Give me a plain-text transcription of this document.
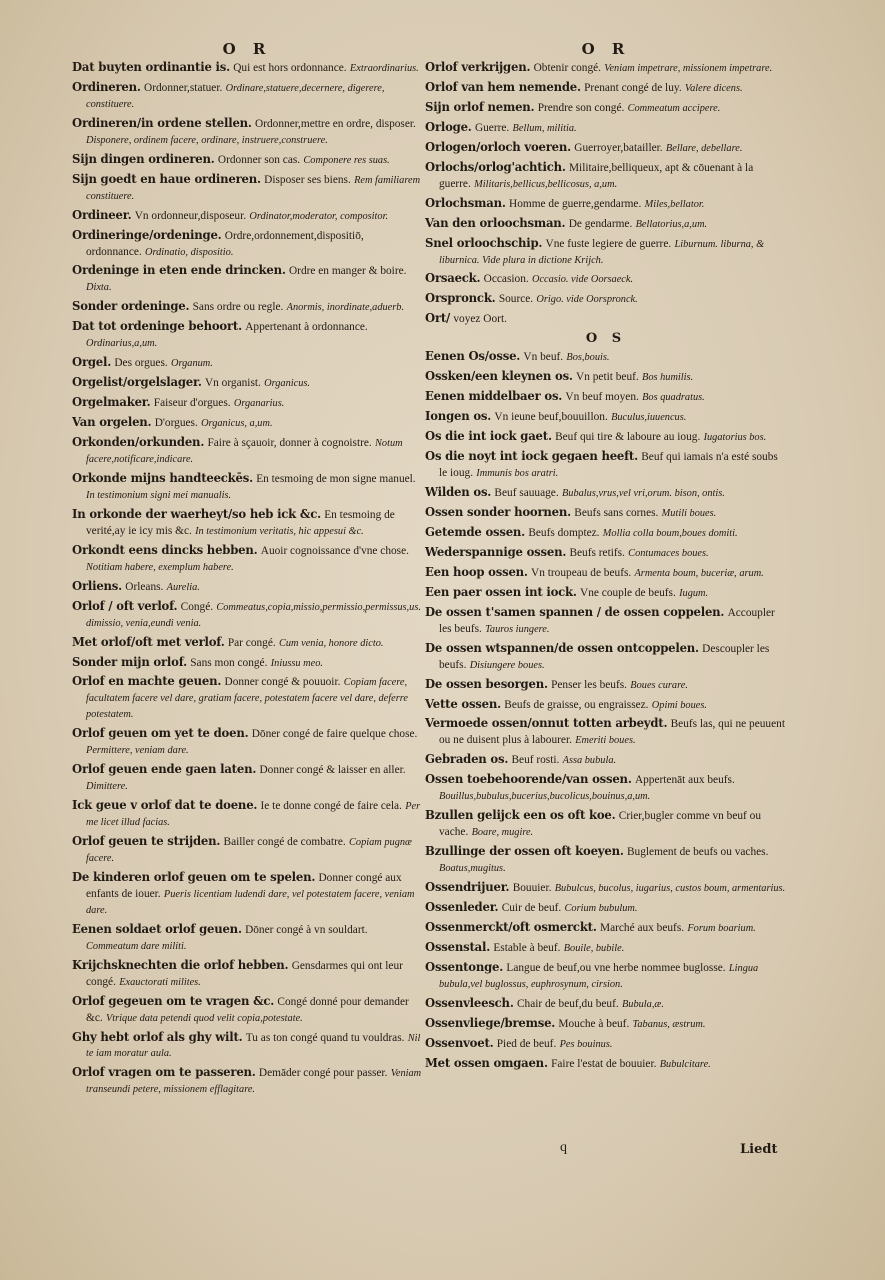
O R
Dat buyten ordinantie is. Qui est hors ordonnance. Extraordinarius.
Ordineren. Ordonner,statuer. Ordinare,statuere,decernere, digerere, constituere.
Ordineren/in ordene stellen. Ordonner,mettre en ordre, disposer. Disponere, ordinem facere, ordinare, instruere,construere.
Sijn dingen ordineren. Ordonner son cas. Componere res suas.
Sijn goedt en haue ordineren. Disposer ses biens. Rem familiarem constituere.
Ordineer. Vn ordonneur,disposeur. Ordinator,moderator, compositor.
Ordineringe/ordeninge. Ordre,ordonnement,dispositiō, ordonnance. Ordinatio, dispositio.
Ordeninge in eten ende drincken. Ordre en manger & boire. Dixta.
Sonder ordeninge. Sans ordre ou regle. Anormis, inordinate,aduerb.
Dat tot ordeninge behoort. Appertenant à ordonnance. Ordinarius,a,um.
Orgel. Des orgues. Organum.
Orgelist/orgelslager. Vn organist. Organicus.
Orgelmaker. Faiseur d'orgues. Organarius.
Van orgelen. D'orgues. Organicus, a,um.
Orkonden/orkunden. Faire à sçauoir, donner à cognoistre. Notum facere,notificare,indicare.
Orkonde mijns handteeckēs. En tesmoing de mon signe manuel. In testimonium signi mei manualis.
In orkonde der waerheyt/so heb ick &c. En tesmoing de verité,ay ie icy mis &c. In testimonium veritatis, hic appesui &c.
Orkondt eens dincks hebben. Auoir cognoissance d'vne chose. Notitiam habere, exemplum habere.
Orliens. Orleans. Aurelia.
Orlof / oft verlof. Congé. Commeatus,copia,missio,permissio,permissus,us. dimissio, venia,eundi venia.
Met orlof/oft met verlof. Par congé. Cum venia, honore dicto.
Sonder mijn orlof. Sans mon congé. Iniussu meo.
Orlof en machte geuen. Donner congé & pouuoir. Copiam facere, facultatem facere vel dare, gratiam facere, potestatem facere vel dare, deferre potestatem.
Orlof geuen om yet te doen. Dōner congé de faire quelque chose. Permittere, veniam dare.
Orlof geuen ende gaen laten. Donner congé & laisser en aller. Dimittere.
Ick geue v orlof dat te doene. Ie te donne congé de faire cela. Per me licet illud facias.
Orlof geuen te strijden. Bailler congé de combatre. Copiam pugnæ facere.
De kinderen orlof geuen om te spelen. Donner congé aux enfants de iouer. Pueris licentiam ludendi dare, vel potestatem facere, veniam dare.
Eenen soldaet orlof geuen. Dōner congé à vn souldart. Commeatum dare militi.
Krijchsknechten die orlof hebben. Gensdarmes qui ont leur congé. Exauctorati milites.
Orlof gegeuen om te vragen &c. Congé donné pour demander &c. Vtrique data petendi quod velit copia,potestate.
Ghy hebt orlof als ghy wilt. Tu as ton congé quand tu vouldras. Nil te iam moratur aula.
Orlof vragen om te passeren. Demāder congé pour passer. Veniam transeundi petere, missionem efflagitare.
O R
Orlof verkrijgen. Obtenir congé. Veniam impetrare, missionem impetrare.
Orlof van hem nemende. Prenant congé de luy. Valere dicens.
Sijn orlof nemen. Prendre son congé. Commeatum accipere.
Orloge. Guerre. Bellum, militia.
Orlogen/orloch voeren. Guerroyer,batailler. Bellare, debellare.
Orlochs/orlog'achtich. Militaire,belliqueux, apt & cōuenant à la guerre. Militaris,bellicus,bellicosus, a,um.
Orlochsman. Homme de guerre,gendarme. Miles,bellator.
Van den orloochsman. De gendarme. Bellatorius,a,um.
Snel orloochschip. Vne fuste legiere de guerre. Liburnum. liburna, & liburnica. Vide plura in dictione Krijch.
Orsaeck. Occasion. Occasio. vide Oorsaeck.
Orspronck. Source. Origo. vide Oorspronck.
Ort/ voyez Oort.
O S
Eenen Os/osse. Vn beuf. Bos,bouis.
Ossken/een kleynen os. Vn petit beuf. Bos humilis.
Eenen middelbaer os. Vn beuf moyen. Bos quadratus.
Iongen os. Vn ieune beuf,bouuillon. Buculus,iuuencus.
Os die int iock gaet. Beuf qui tire & laboure au ioug. Iugatorius bos.
Os die noyt int iock gegaen heeft. Beuf qui iamais n'a esté soubs le ioug. Immunis bos aratri.
Wilden os. Beuf sauuage. Bubalus,vrus,vel vri,orum. bison, ontis.
Ossen sonder hoornen. Beufs sans cornes. Mutili boues.
Getemde ossen. Beufs domptez. Mollia colla boum,boues domiti.
Wederspannige ossen. Beufs retifs. Contumaces boues.
Een hoop ossen. Vn troupeau de beufs. Armenta boum, buceriæ, arum.
Een paer ossen int iock. Vne couple de beufs. Iugum.
De ossen t'samen spannen / de ossen coppelen. Accoupler les beufs. Tauros iungere.
De ossen wtspannen/de ossen ontcoppelen. Descoupler les beufs. Disiungere boues.
De ossen besorgen. Penser les beufs. Boues curare.
Vette ossen. Beufs de graisse, ou engraissez. Opimi boues.
Vermoede ossen/onnut totten arbeydt. Beufs las, qui ne peuuent ou ne duisent plus à labourer. Emeriti boues.
Gebraden os. Beuf rosti. Assa bubula.
Ossen toebehoorende/van ossen. Appertenāt aux beufs. Bouillus,bubulus,bucerius,bucolicus,bouinus,a,um.
Bzullen gelijck een os oft koe. Crier,bugler comme vn beuf ou vache. Boare, mugire.
Bzullinge der ossen oft koeyen. Buglement de beufs ou vaches. Boatus,mugitus.
Ossendrijuer. Bouuier. Bubulcus, bucolus, iugarius, custos boum, armentarius.
Ossenleder. Cuir de beuf. Corium bubulum.
Ossenmerckt/oft osmerckt. Marché aux beufs. Forum boarium.
Ossenstal. Estable à beuf. Bouile, bubile.
Ossentonge. Langue de beuf,ou vne herbe nommee buglosse. Lingua bubula,vel buglossus, euphrosynum, cirsion.
Ossenvleesch. Chair de beuf,du beuf. Bubula,æ.
Ossenvliege/bremse. Mouche à beuf. Tabanus, æstrum.
Ossenvoet. Pied de beuf. Pes bouinus.
Met ossen omgaen. Faire l'estat de bouuier. Bubulcitare.
q	Liedt
